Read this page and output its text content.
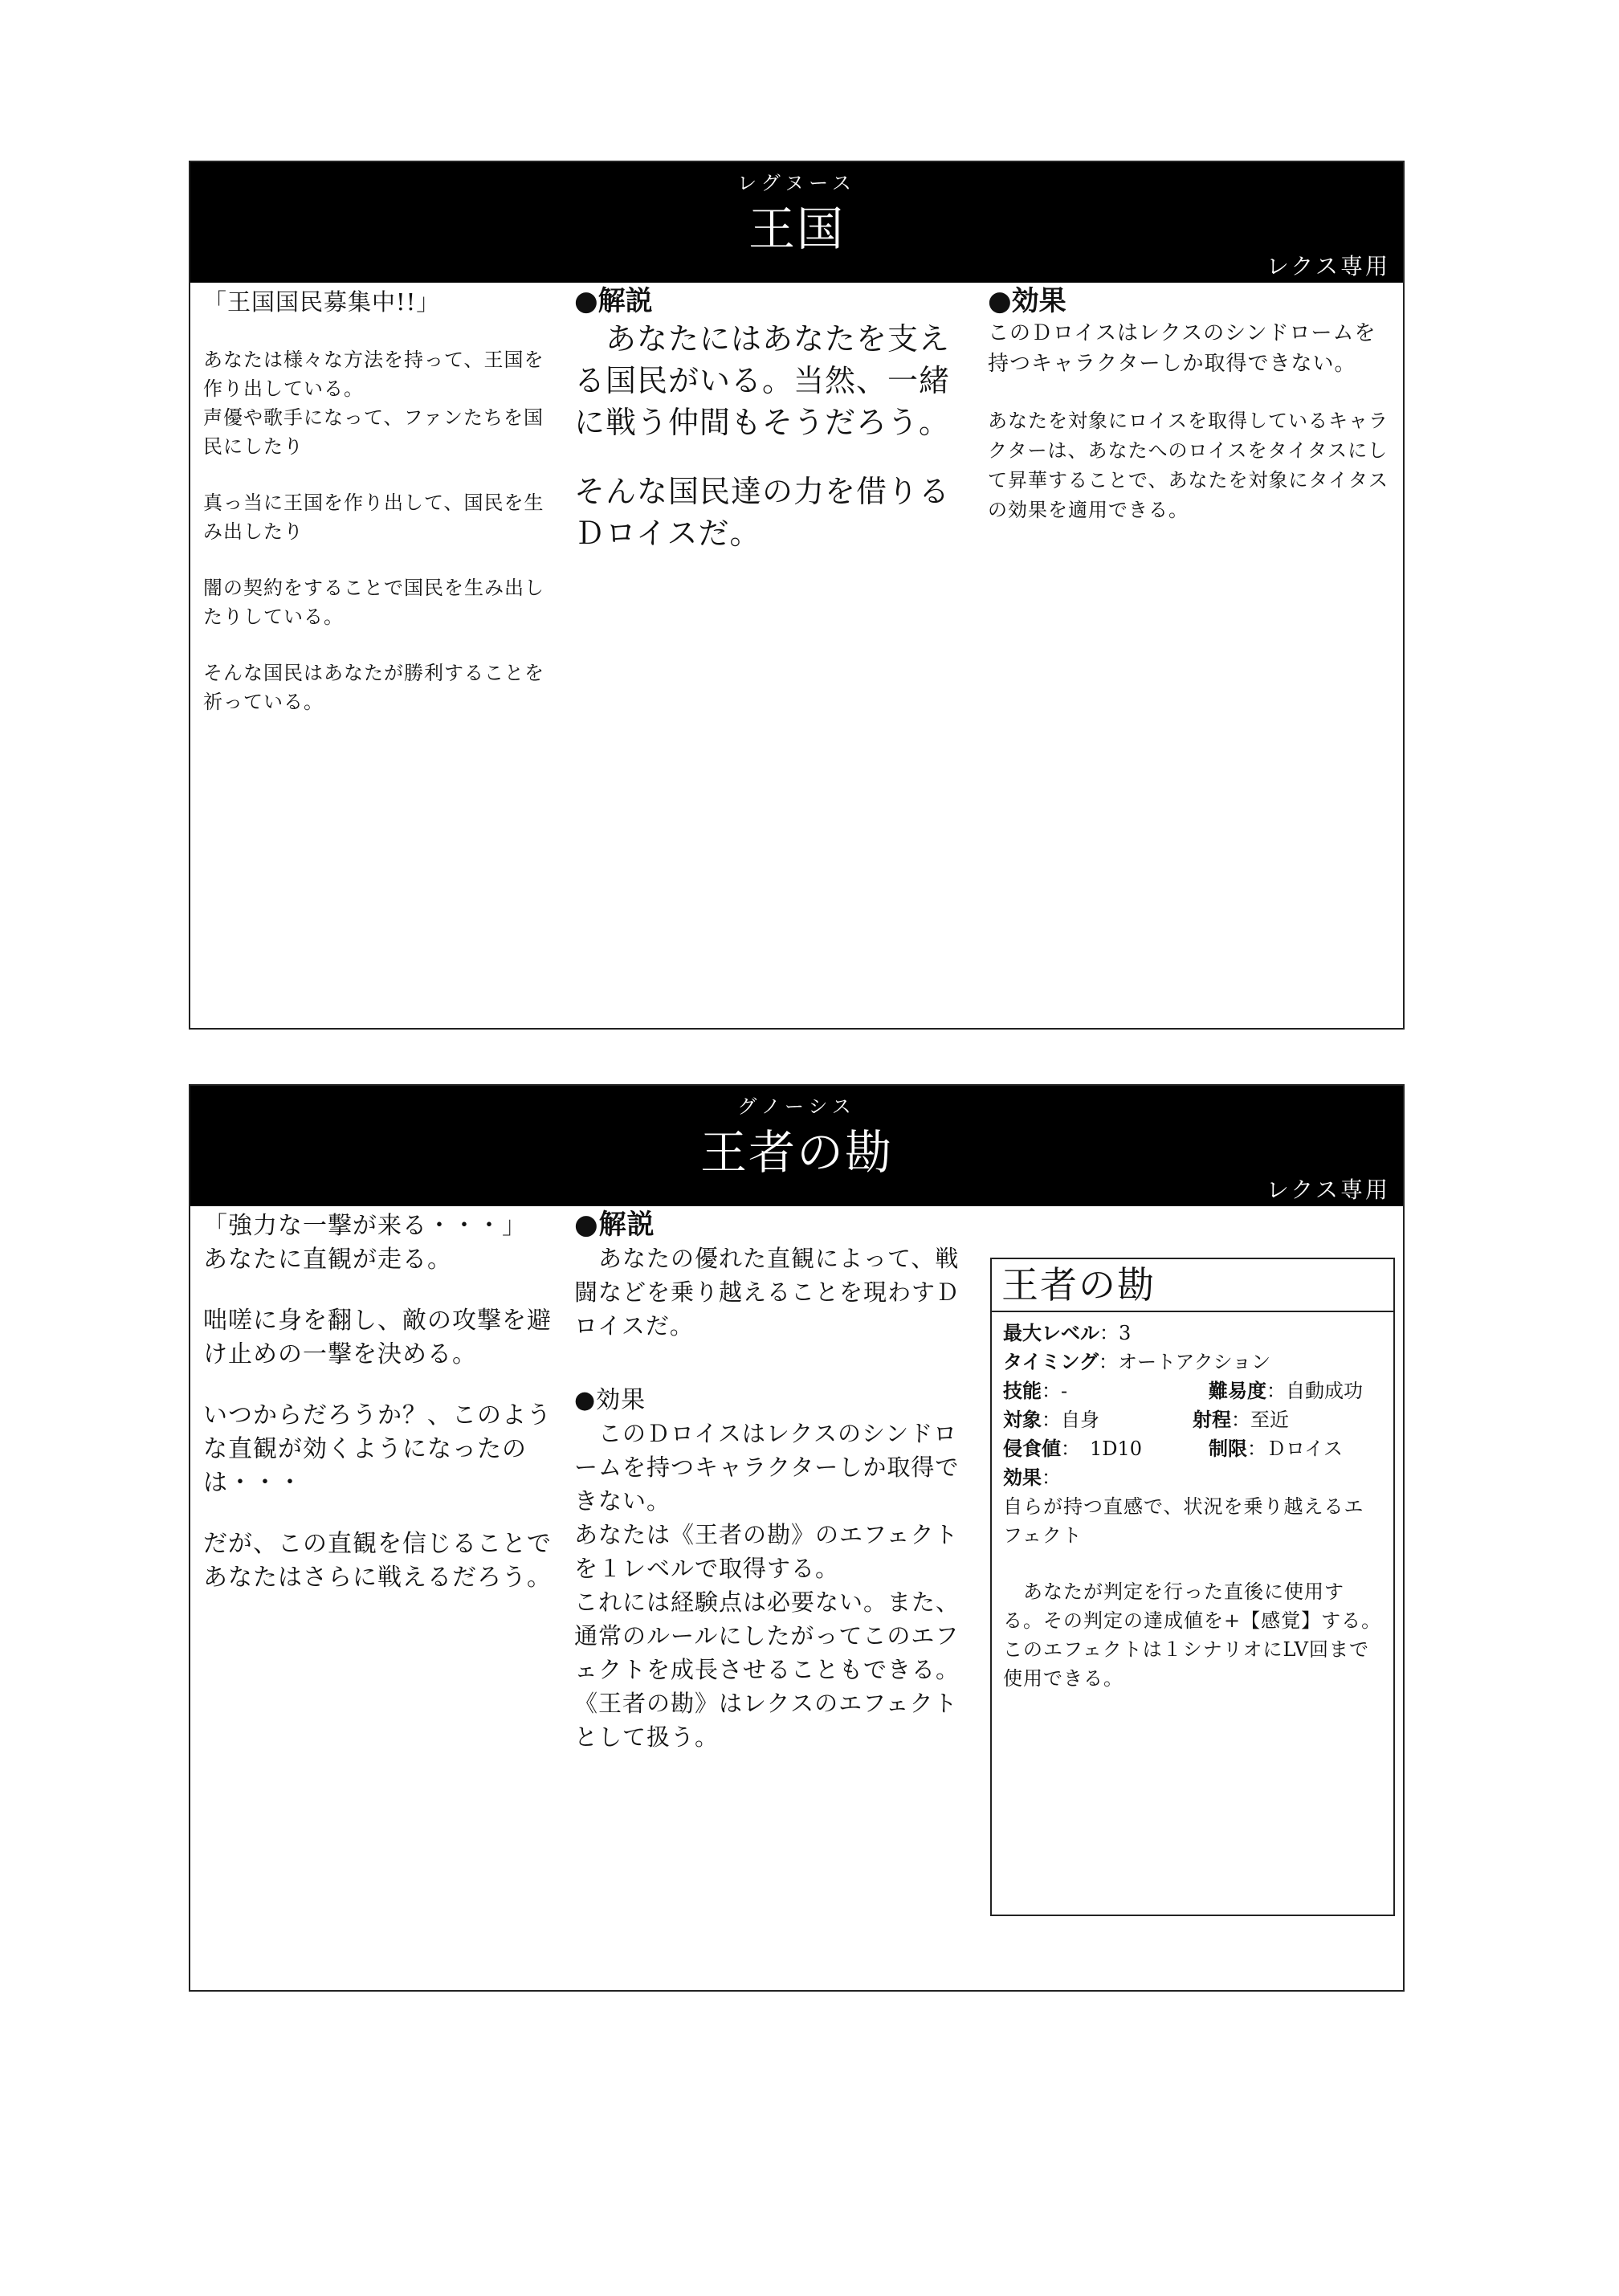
レグヌース
王国
レクス専用

「王国国民募集中!!」

あなたは様々な方法を持って、王国を作り出している。
声優や歌手になって、ファンたちを国民にしたり

真っ当に王国を作り出して、国民を生み出したり

闇の契約をすることで国民を生み出したりしている。

そんな国民はあなたが勝利することを祈っている。

●解説

　あなたにはあなたを支える国民がいる。当然、一緒に戦う仲間もそうだろう。

そんな国民達の力を借りるＤロイスだ。

●効果

このＤロイスはレクスのシンドロームを持つキャラクターしか取得できない。

あなたを対象にロイスを取得しているキャラクターは、あなたへのロイスをタイタスにして昇華することで、あなたを対象にタイタスの効果を適用できる。

グノーシス
王者の勘
レクス専用

「強力な一撃が来る・・・」

あなたに直観が走る。

咄嗟に身を翻し、敵の攻撃を避け止めの一撃を決める。

いつからだろうか？、このような直観が効くようになったのは・・・

だが、この直観を信じることであなたはさらに戦えるだろう。

●解説

　あなたの優れた直観によって、戦闘などを乗り越えることを現わすＤロイスだ。

●効果

　このＤロイスはレクスのシンドロームを持つキャラクターしか取得できない。
あなたは《王者の勘》のエフェクトを１レベルで取得する。
これには経験点は必要ない。また、通常のルールにしたがってこのエフェクトを成長させることもできる。
《王者の勘》はレクスのエフェクトとして扱う。

王者の勘
最大レベル：3
タイミング：オートアクション
技能：-	難易度：自動成功
対象：自身	射程：至近
侵食値：　1D10	制限：Ｄロイス
効果：

自らが持つ直感で、状況を乗り越えるエフェクト

　あなたが判定を行った直後に使用する。その判定の達成値を+【感覚】する。
このエフェクトは１シナリオにLV回まで使用できる。
